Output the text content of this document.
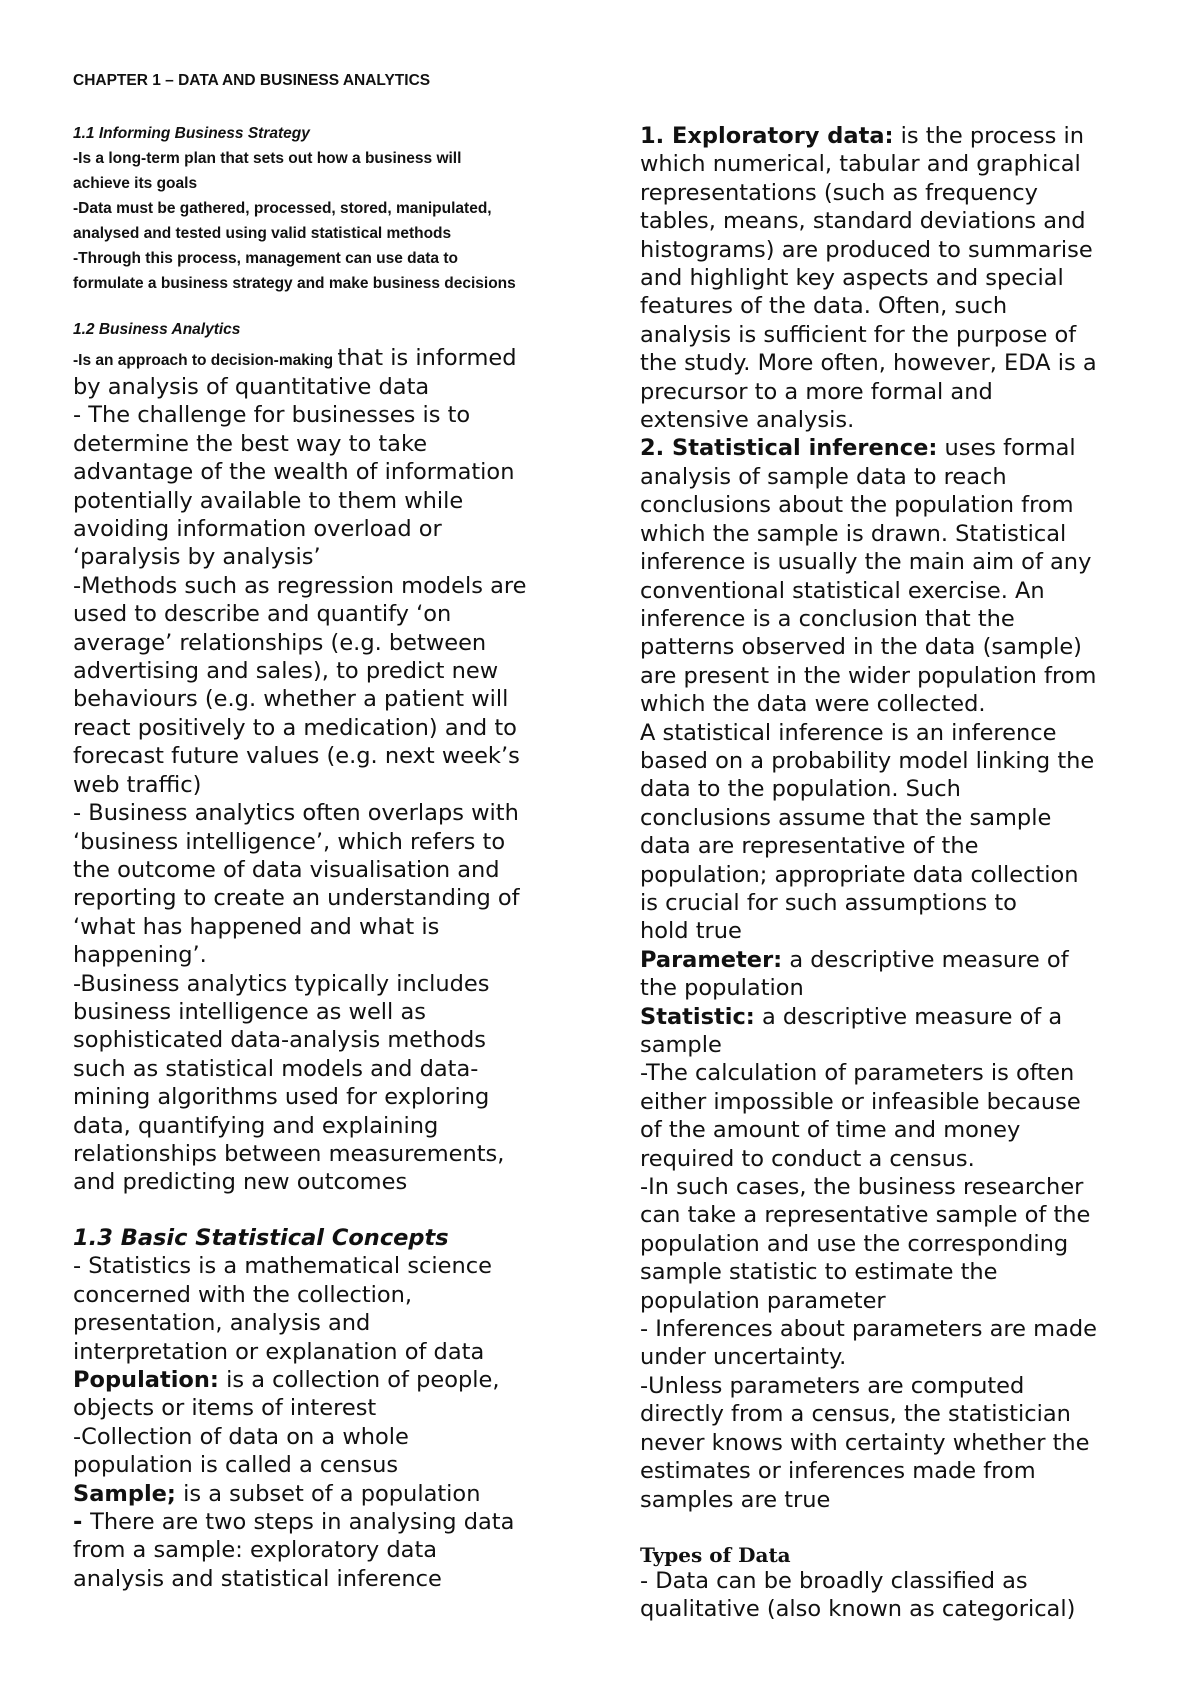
CHAPTER 1 – DATA AND BUSINESS ANALYTICS
1.1 Informing Business Strategy
-Is a long-term plan that sets out how a business will
achieve its goals
-Data must be gathered, processed, stored, manipulated,
analysed and tested using valid statistical methods
-Through this process, management can use data to
formulate a business strategy and make business decisions
1.2 Business Analytics

-Is an approach to decision-making that is informed

by analysis of quantitative data

- The challenge for businesses is to

determine the best way to take

advantage of the wealth of information

potentially available to them while

avoiding information overload or

‘paralysis by analysis’

-Methods such as regression models are

used to describe and quantify ‘on

average’ relationships (e.g. between

advertising and sales), to predict new

behaviours (e.g. whether a patient will

react positively to a medication) and to

forecast future values (e.g. next week’s

web traffic)

- Business analytics often overlaps with

‘business intelligence’, which refers to

the outcome of data visualisation and

reporting to create an understanding of

‘what has happened and what is

happening’.

-Business analytics typically includes

business intelligence as well as

sophisticated data-analysis methods

such as statistical models and data-

mining algorithms used for exploring

data, quantifying and explaining

relationships between measurements,

and predicting new outcomes

1.3 Basic Statistical Concepts

- Statistics is a mathematical science

concerned with the collection,

presentation, analysis and

interpretation or explanation of data

Population: is a collection of people,

objects or items of interest

-Collection of data on a whole

population is called a census

Sample; is a subset of a population

- There are two steps in analysing data

from a sample: exploratory data

analysis and statistical inference

1. Exploratory data: is the process in

which numerical, tabular and graphical

representations (such as frequency

tables, means, standard deviations and

histograms) are produced to summarise

and highlight key aspects and special

features of the data. Often, such

analysis is sufficient for the purpose of

the study. More often, however, EDA is a

precursor to a more formal and

extensive analysis.

2. Statistical inference: uses formal

analysis of sample data to reach

conclusions about the population from

which the sample is drawn. Statistical

inference is usually the main aim of any

conventional statistical exercise. An

inference is a conclusion that the

patterns observed in the data (sample)

are present in the wider population from

which the data were collected.

A statistical inference is an inference

based on a probability model linking the

data to the population. Such

conclusions assume that the sample

data are representative of the

population; appropriate data collection

is crucial for such assumptions to

hold true

Parameter: a descriptive measure of

the population

Statistic: a descriptive measure of a

sample

-The calculation of parameters is often

either impossible or infeasible because

of the amount of time and money

required to conduct a census.

-In such cases, the business researcher

can take a representative sample of the

population and use the corresponding

sample statistic to estimate the

population parameter

- Inferences about parameters are made

under uncertainty.

-Unless parameters are computed

directly from a census, the statistician

never knows with certainty whether the

estimates or inferences made from

samples are true

Types of Data

- Data can be broadly classified as

qualitative (also known as categorical)
